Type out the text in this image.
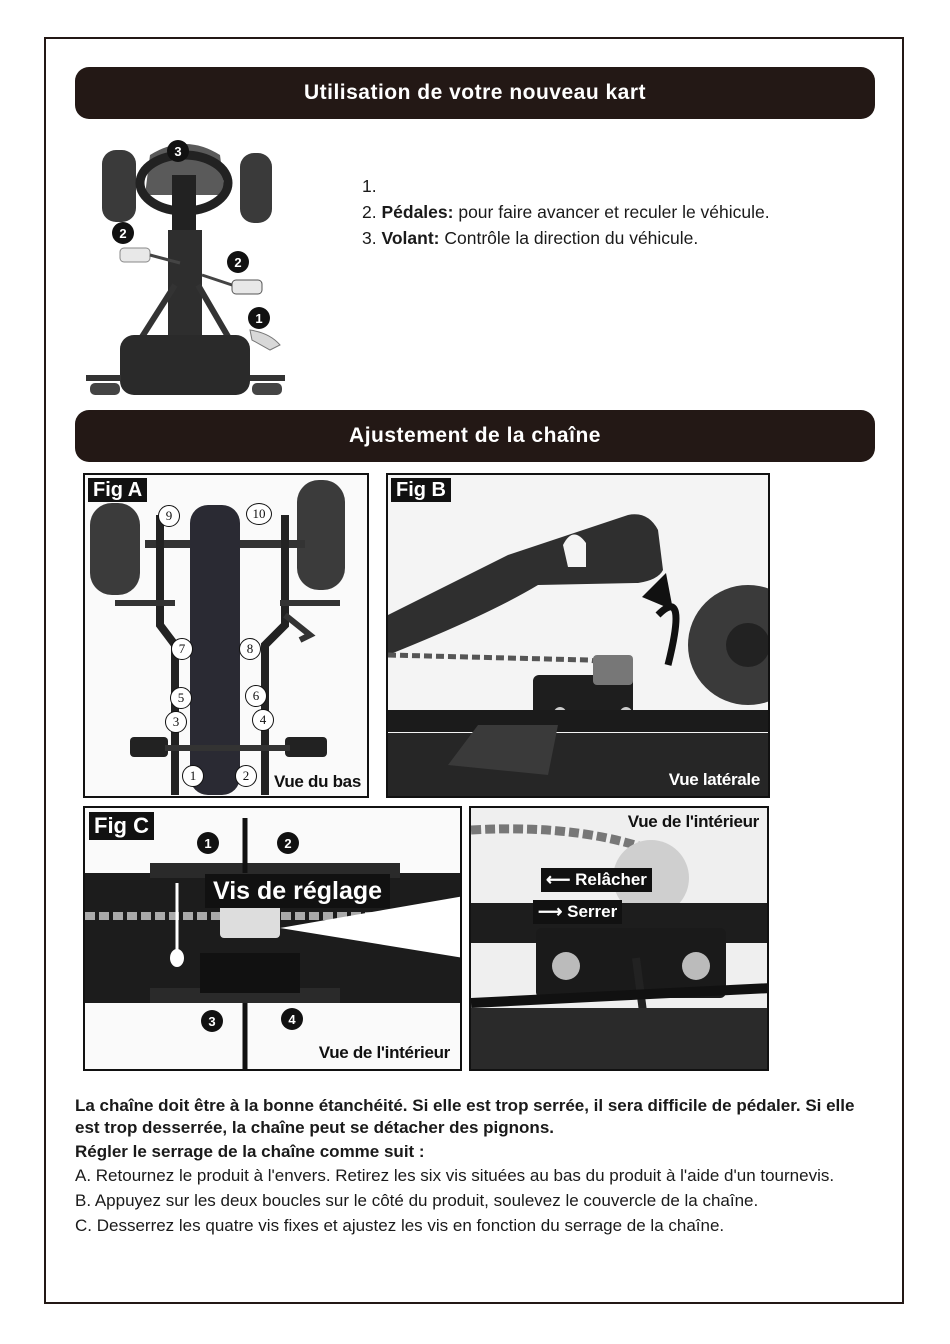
Utilisation de votre nouveau kart
3
2
2
1
1.
2. Pédales: pour faire avancer et reculer le véhicule.
3. Volant: Contrôle la direction du véhicule.
Ajustement de la chaîne
Fig A
1	2
3	4
5	6
7	8
9	10
Vue du bas
Fig B
Vue latérale
Fig C
Vis de réglage
1	2
3	4
Vue de l'intérieur
Vue de l'intérieur
⟵ Relâcher
⟶ Serrer
La chaîne doit être à la bonne étanchéité. Si elle est trop serrée, il sera difficile de pédaler. Si elle est trop desserrée, la chaîne peut se détacher des pignons.
Régler le serrage de la chaîne comme suit :
A. Retournez le produit à l'envers. Retirez les six vis situées au bas du produit à l'aide d'un tournevis.
B. Appuyez sur les deux boucles sur le côté du produit, soulevez le couvercle de la chaîne.
C. Desserrez les quatre vis fixes et ajustez les vis en fonction du serrage de la chaîne.
